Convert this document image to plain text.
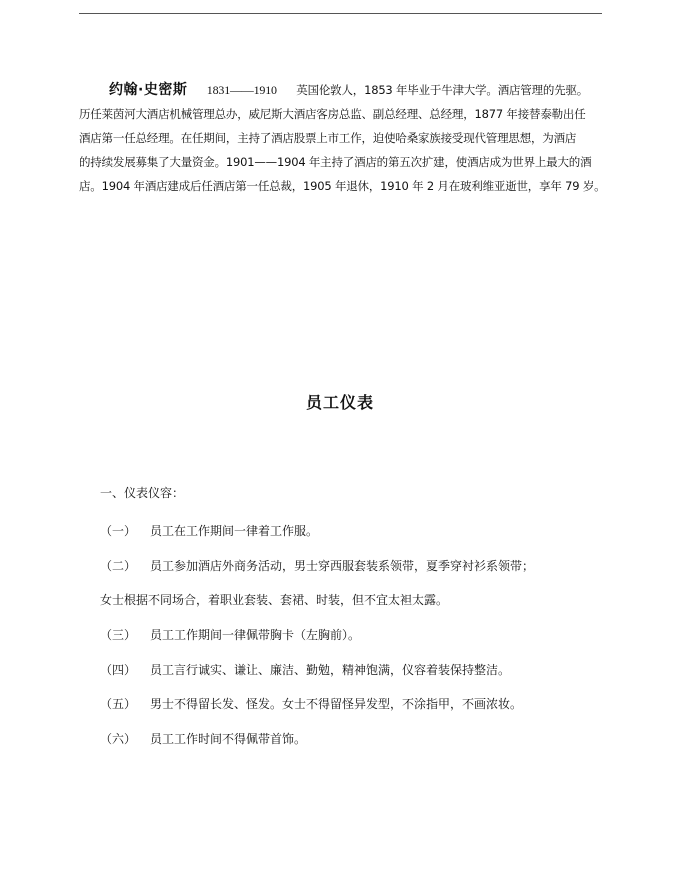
约翰·史密斯 1831——1910 英国伦敦人，1853 年毕业于牛津大学。酒店管理的先驱。
历任莱茵河大酒店机械管理总办，威尼斯大酒店客房总监、副总经理、总经理，1877 年接替泰勒出任
酒店第一任总经理。在任期间，主持了酒店股票上市工作，迫使哈桑家族接受现代管理思想，为酒店
的持续发展募集了大量资金。1901——1904 年主持了酒店的第五次扩建，使酒店成为世界上最大的酒
店。1904 年酒店建成后任酒店第一任总裁，1905 年退休，1910 年 2 月在玻利维亚逝世，享年 79 岁。
员工仪表
一、仪表仪容：
（一） 员工在工作期间一律着工作服。
（二） 员工参加酒店外商务活动，男士穿西服套装系领带，夏季穿衬衫系领带；
女士根据不同场合，着职业套装、套裙、时装，但不宜太袒太露。
（三） 员工工作期间一律佩带胸卡（左胸前）。
（四） 员工言行诚实、谦让、廉洁、勤勉，精神饱满，仪容着装保持整洁。
（五） 男士不得留长发、怪发。女士不得留怪异发型，不涂指甲，不画浓妆。
（六） 员工工作时间不得佩带首饰。
